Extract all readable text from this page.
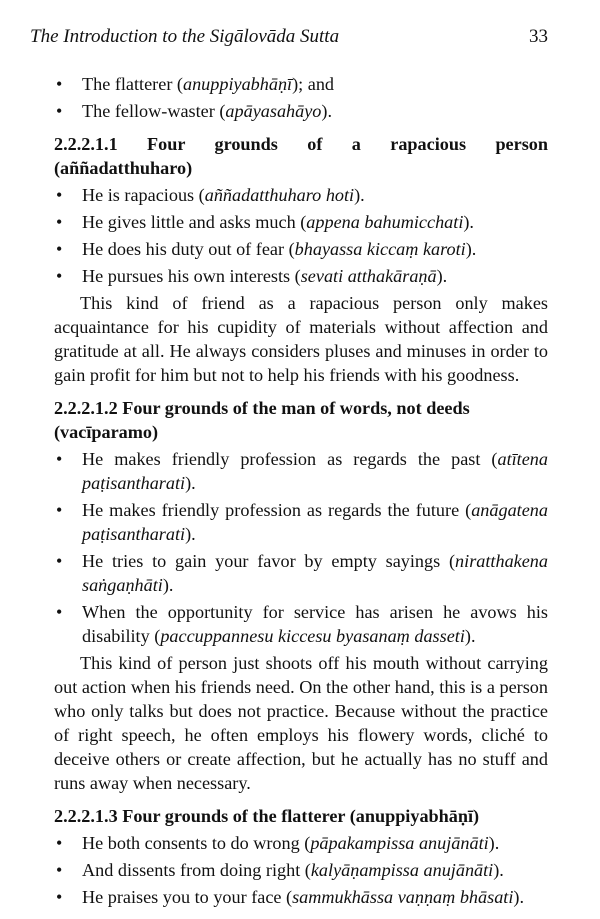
The Introduction to the Sigālovāda Sutta	33
• The flatterer (anuppiyabhāṇī); and
• The fellow-waster (apāyasahāyo).
2.2.2.1.1 Four grounds of a rapacious person
(aññadatthuharo)
• He is rapacious (aññadatthuharo hoti).
• He gives little and asks much (appena bahumicchati).
• He does his duty out of fear (bhayassa kiccaṃ karoti).
• He pursues his own interests (sevati atthakāraṇā).

This kind of friend as a rapacious person only makes acquaintance for his cupidity of materials without affection and gratitude at all. He always considers pluses and minuses in order to gain profit for him but not to help his friends with his goodness.

2.2.2.1.2 Four grounds of the man of words, not deeds (vacīparamo)
• He makes friendly profession as regards the past (atītena paṭisantharati).
• He makes friendly profession as regards the future (anāgatena paṭisantharati).
• He tries to gain your favor by empty sayings (niratthakena saṅgaṇhāti).
• When the opportunity for service has arisen he avows his disability (paccuppannesu kiccesu byasanaṃ dasseti).

This kind of person just shoots off his mouth without carrying out action when his friends need. On the other hand, this is a person who only talks but does not practice. Because without the practice of right speech, he often employs his flowery words, cliché to deceive others or create affection, but he actually has no stuff and runs away when necessary.

2.2.2.1.3 Four grounds of the flatterer (anuppiyabhāṇī)
• He both consents to do wrong (pāpakampissa anujānāti).
• And dissents from doing right (kalyāṇampissa anujānāti).
• He praises you to your face (sammukhāssa vaṇṇaṃ bhāsati).
